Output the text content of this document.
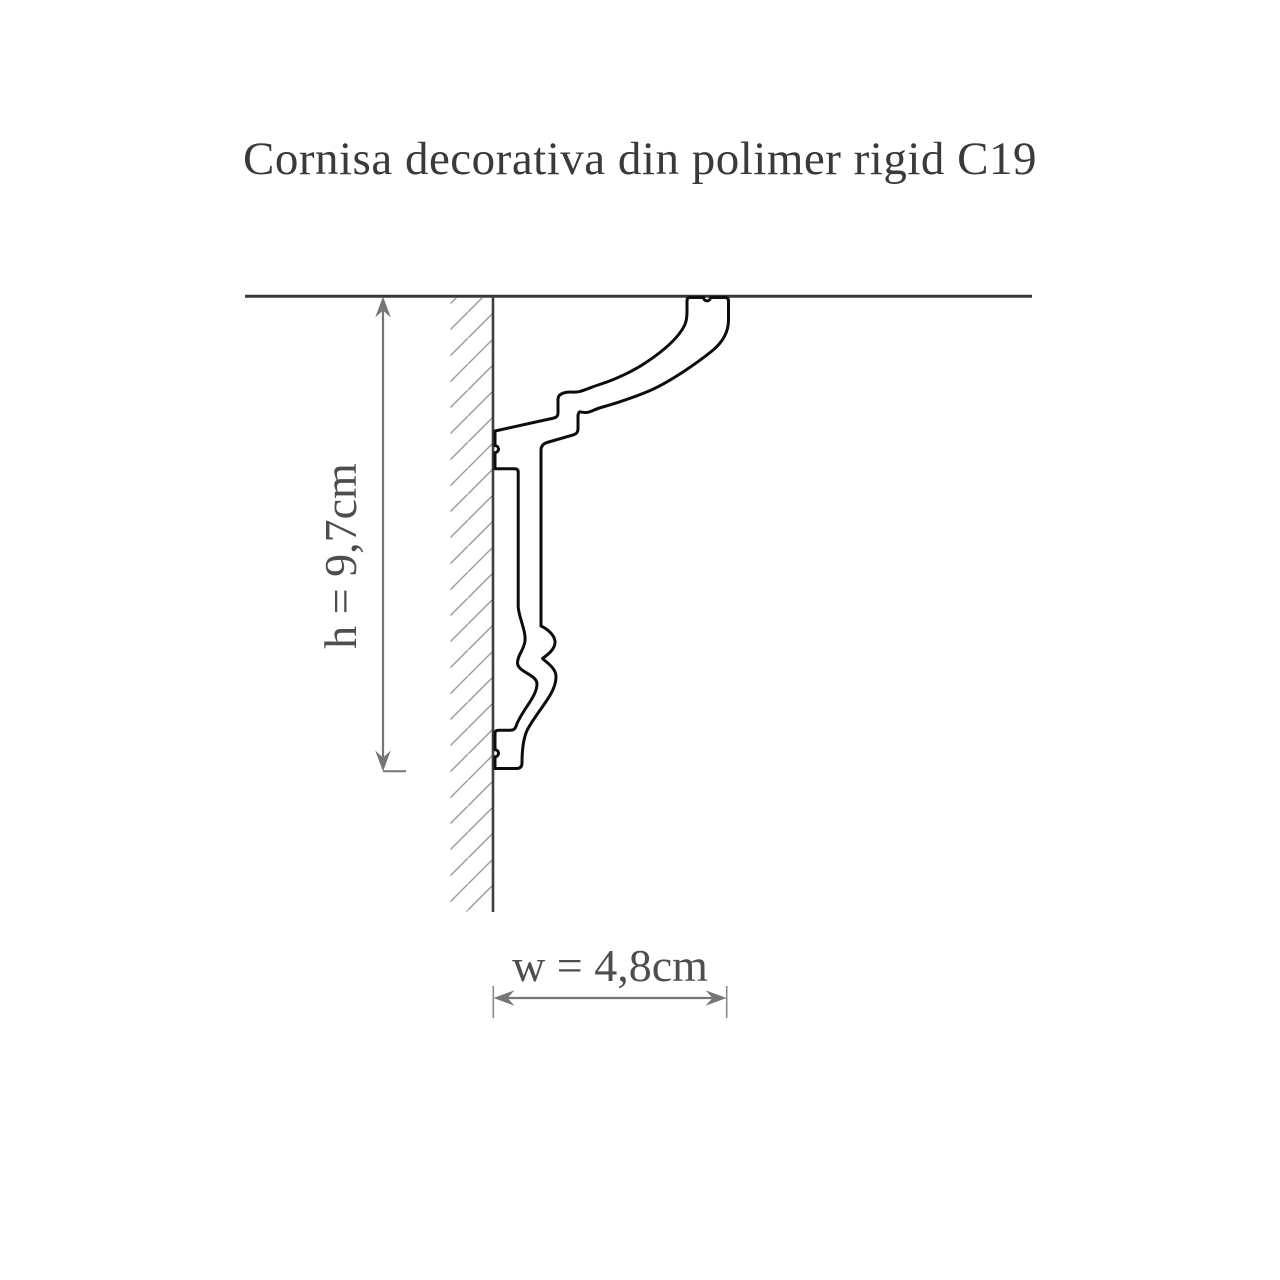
Cornisa decorativa din polimer rigid C19
h = 9,7cm
w = 4,8cm
